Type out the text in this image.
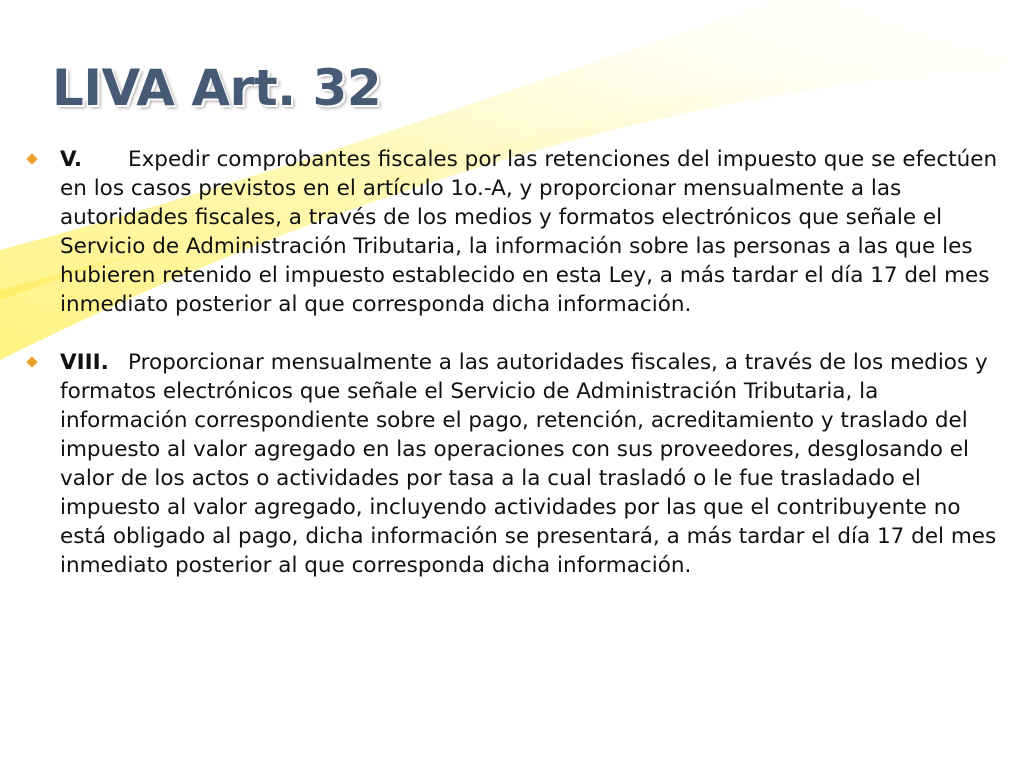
LIVA Art. 32
V. Expedir comprobantes fiscales por las retenciones del impuesto que se efectúen en los casos previstos en el artículo 1o.-A, y proporcionar mensualmente a las autoridades fiscales, a través de los medios y formatos electrónicos que señale el Servicio de Administración Tributaria, la información sobre las personas a las que les hubieren retenido el impuesto establecido en esta Ley, a más tardar el día 17 del mes inmediato posterior al que corresponda dicha información.
VIII. Proporcionar mensualmente a las autoridades fiscales, a través de los medios y formatos electrónicos que señale el Servicio de Administración Tributaria, la información correspondiente sobre el pago, retención, acreditamiento y traslado del impuesto al valor agregado en las operaciones con sus proveedores, desglosando el valor de los actos o actividades por tasa a la cual trasladó o le fue trasladado el impuesto al valor agregado, incluyendo actividades por las que el contribuyente no está obligado al pago, dicha información se presentará, a más tardar el día 17 del mes inmediato posterior al que corresponda dicha información.
